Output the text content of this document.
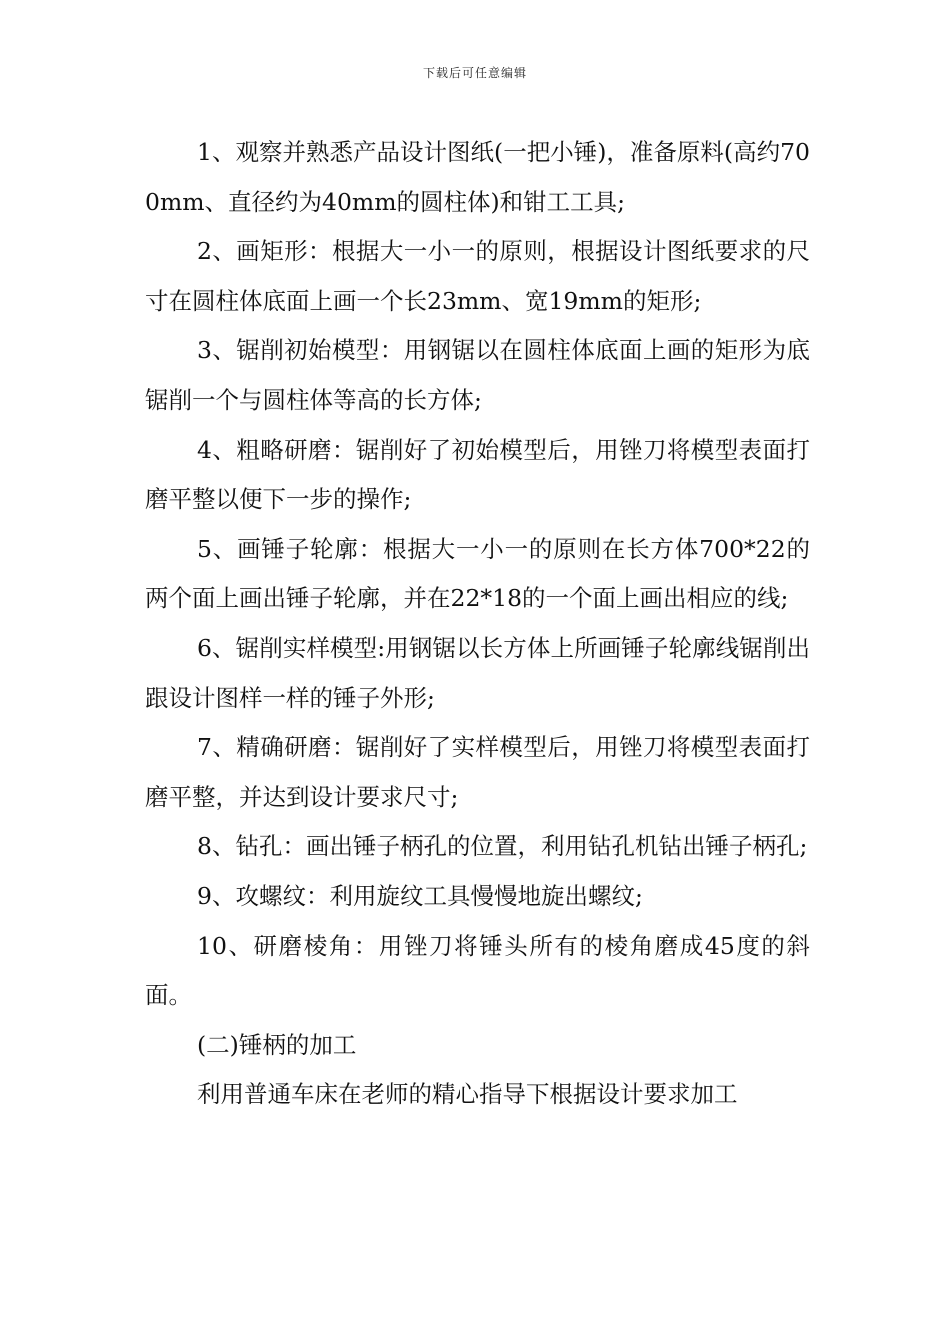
下载后可任意编辑

1、观察并熟悉产品设计图纸(一把小锤)，准备原料(高约700mm、直径约为40mm的圆柱体)和钳工工具;

2、画矩形：根据大一小一的原则，根据设计图纸要求的尺寸在圆柱体底面上画一个长23mm、宽19mm的矩形;

3、锯削初始模型：用钢锯以在圆柱体底面上画的矩形为底锯削一个与圆柱体等高的长方体;

4、粗略研磨：锯削好了初始模型后，用锉刀将模型表面打磨平整以便下一步的操作;

5、画锤子轮廓：根据大一小一的原则在长方体700*22的两个面上画出锤子轮廓，并在22*18的一个面上画出相应的线;

6、锯削实样模型:用钢锯以长方体上所画锤子轮廓线锯削出跟设计图样一样的锤子外形;

7、精确研磨：锯削好了实样模型后，用锉刀将模型表面打磨平整，并达到设计要求尺寸;

8、钻孔：画出锤子柄孔的位置，利用钻孔机钻出锤子柄孔;

9、攻螺纹：利用旋纹工具慢慢地旋出螺纹;

10、研磨棱角：用锉刀将锤头所有的棱角磨成45度的斜面。

(二)锤柄的加工

利用普通车床在老师的精心指导下根据设计要求加工
